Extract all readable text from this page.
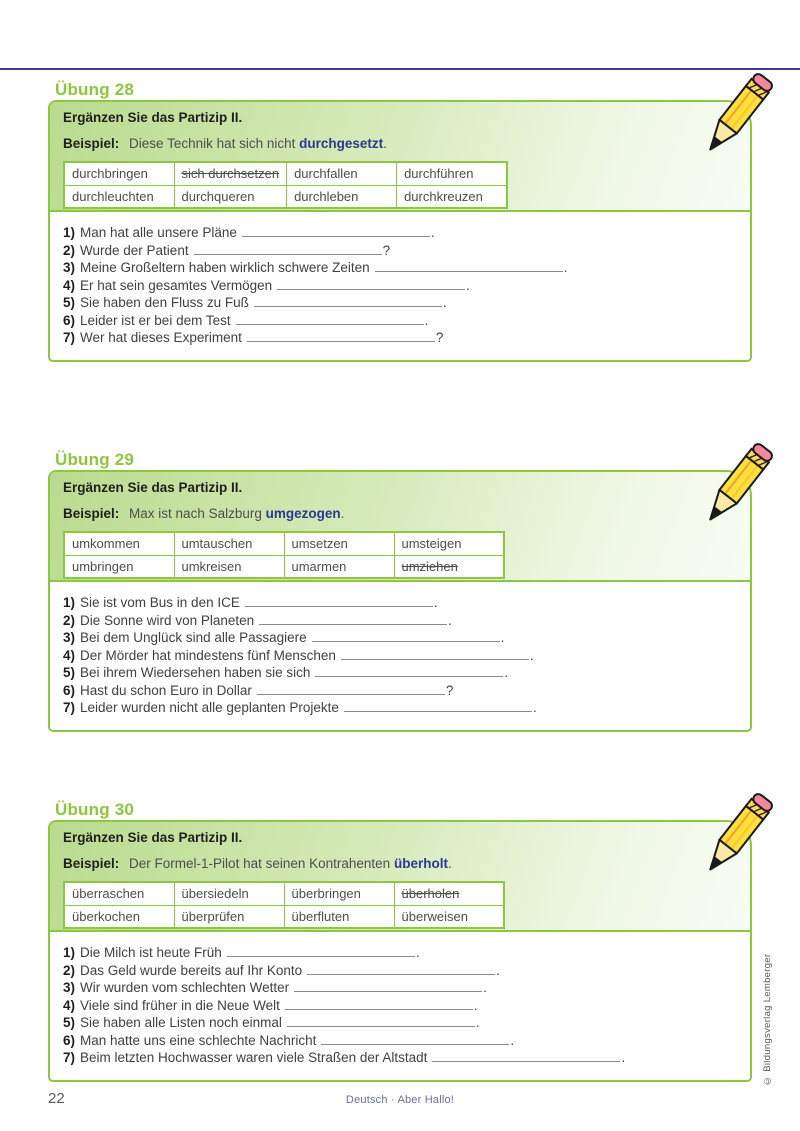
Übung 28

Ergänzen Sie das Partizip II.

Beispiel: Diese Technik hat sich nicht durchgesetzt.

durchbringen	sich durchsetzen	durchfallen	durchführen
durchleuchten	durchqueren	durchleben	durchkreuzen
1) Man hat alle unsere Pläne	.
2) Wurde der Patient	?
3) Meine Großeltern haben wirklich schwere Zeiten	.
4) Er hat sein gesamtes Vermögen	.
5) Sie haben den Fluss zu Fuß	.
6) Leider ist er bei dem Test	.
7) Wer hat dieses Experiment	?
Übung 29

Ergänzen Sie das Partizip II.

Beispiel: Max ist nach Salzburg umgezogen.

umkommen	umtauschen	umsetzen	umsteigen
umbringen	umkreisen	umarmen	umziehen
1) Sie ist vom Bus in den ICE	.
2) Die Sonne wird von Planeten	.
3) Bei dem Unglück sind alle Passagiere	.
4) Der Mörder hat mindestens fünf Menschen	.
5) Bei ihrem Wiedersehen haben sie sich	.
6) Hast du schon Euro in Dollar	?
7) Leider wurden nicht alle geplanten Projekte	.
Übung 30

Ergänzen Sie das Partizip II.

Beispiel: Der Formel-1-Pilot hat seinen Kontrahenten überholt.

überraschen	übersiedeln	überbringen	überholen
überkochen	überprüfen	überfluten	überweisen
1) Die Milch ist heute Früh	.
2) Das Geld wurde bereits auf Ihr Konto	.
3) Wir wurden vom schlechten Wetter	.
4) Viele sind früher in die Neue Welt	.
5) Sie haben alle Listen noch einmal	.
6) Man hatte uns eine schlechte Nachricht	.
7) Beim letzten Hochwasser waren viele Straßen der Altstadt	.	© Bildungsverlag Lemberger
22	Deutsch · Aber Hallo!
